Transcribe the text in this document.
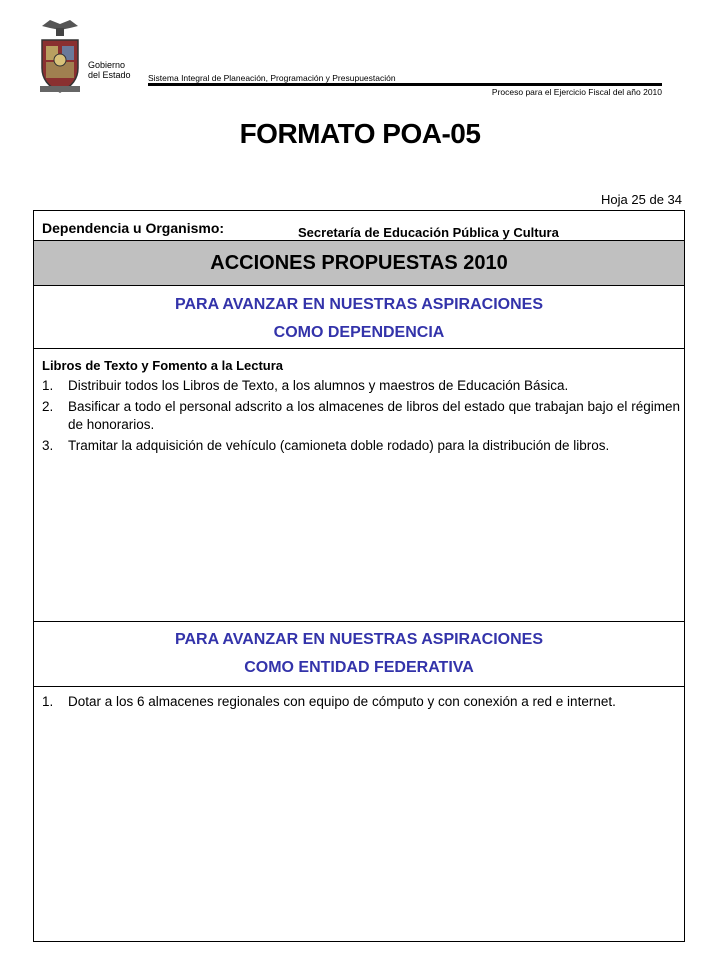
Gobierno
del Estado Sistema Integral de Planeación, Programación y Presupuestación
Proceso para el Ejercicio Fiscal del año 2010
FORMATO POA-05
Hoja 25 de 34
Dependencia u Organismo:	Secretaría de Educación Pública y Cultura
ACCIONES PROPUESTAS 2010
PARA AVANZAR EN NUESTRAS ASPIRACIONES
COMO DEPENDENCIA
Libros de Texto y Fomento a la Lectura
1.	Distribuir todos los Libros de Texto, a los alumnos y maestros de Educación Básica.
2.	Basificar a todo el personal adscrito a los almacenes de libros del estado que trabajan bajo el régimen de honorarios.
3.	Tramitar la adquisición de vehículo (camioneta doble rodado) para la distribución de libros.
PARA AVANZAR EN NUESTRAS ASPIRACIONES
COMO ENTIDAD FEDERATIVA
1.	Dotar a los 6 almacenes regionales con equipo de cómputo y con conexión a red e internet.
